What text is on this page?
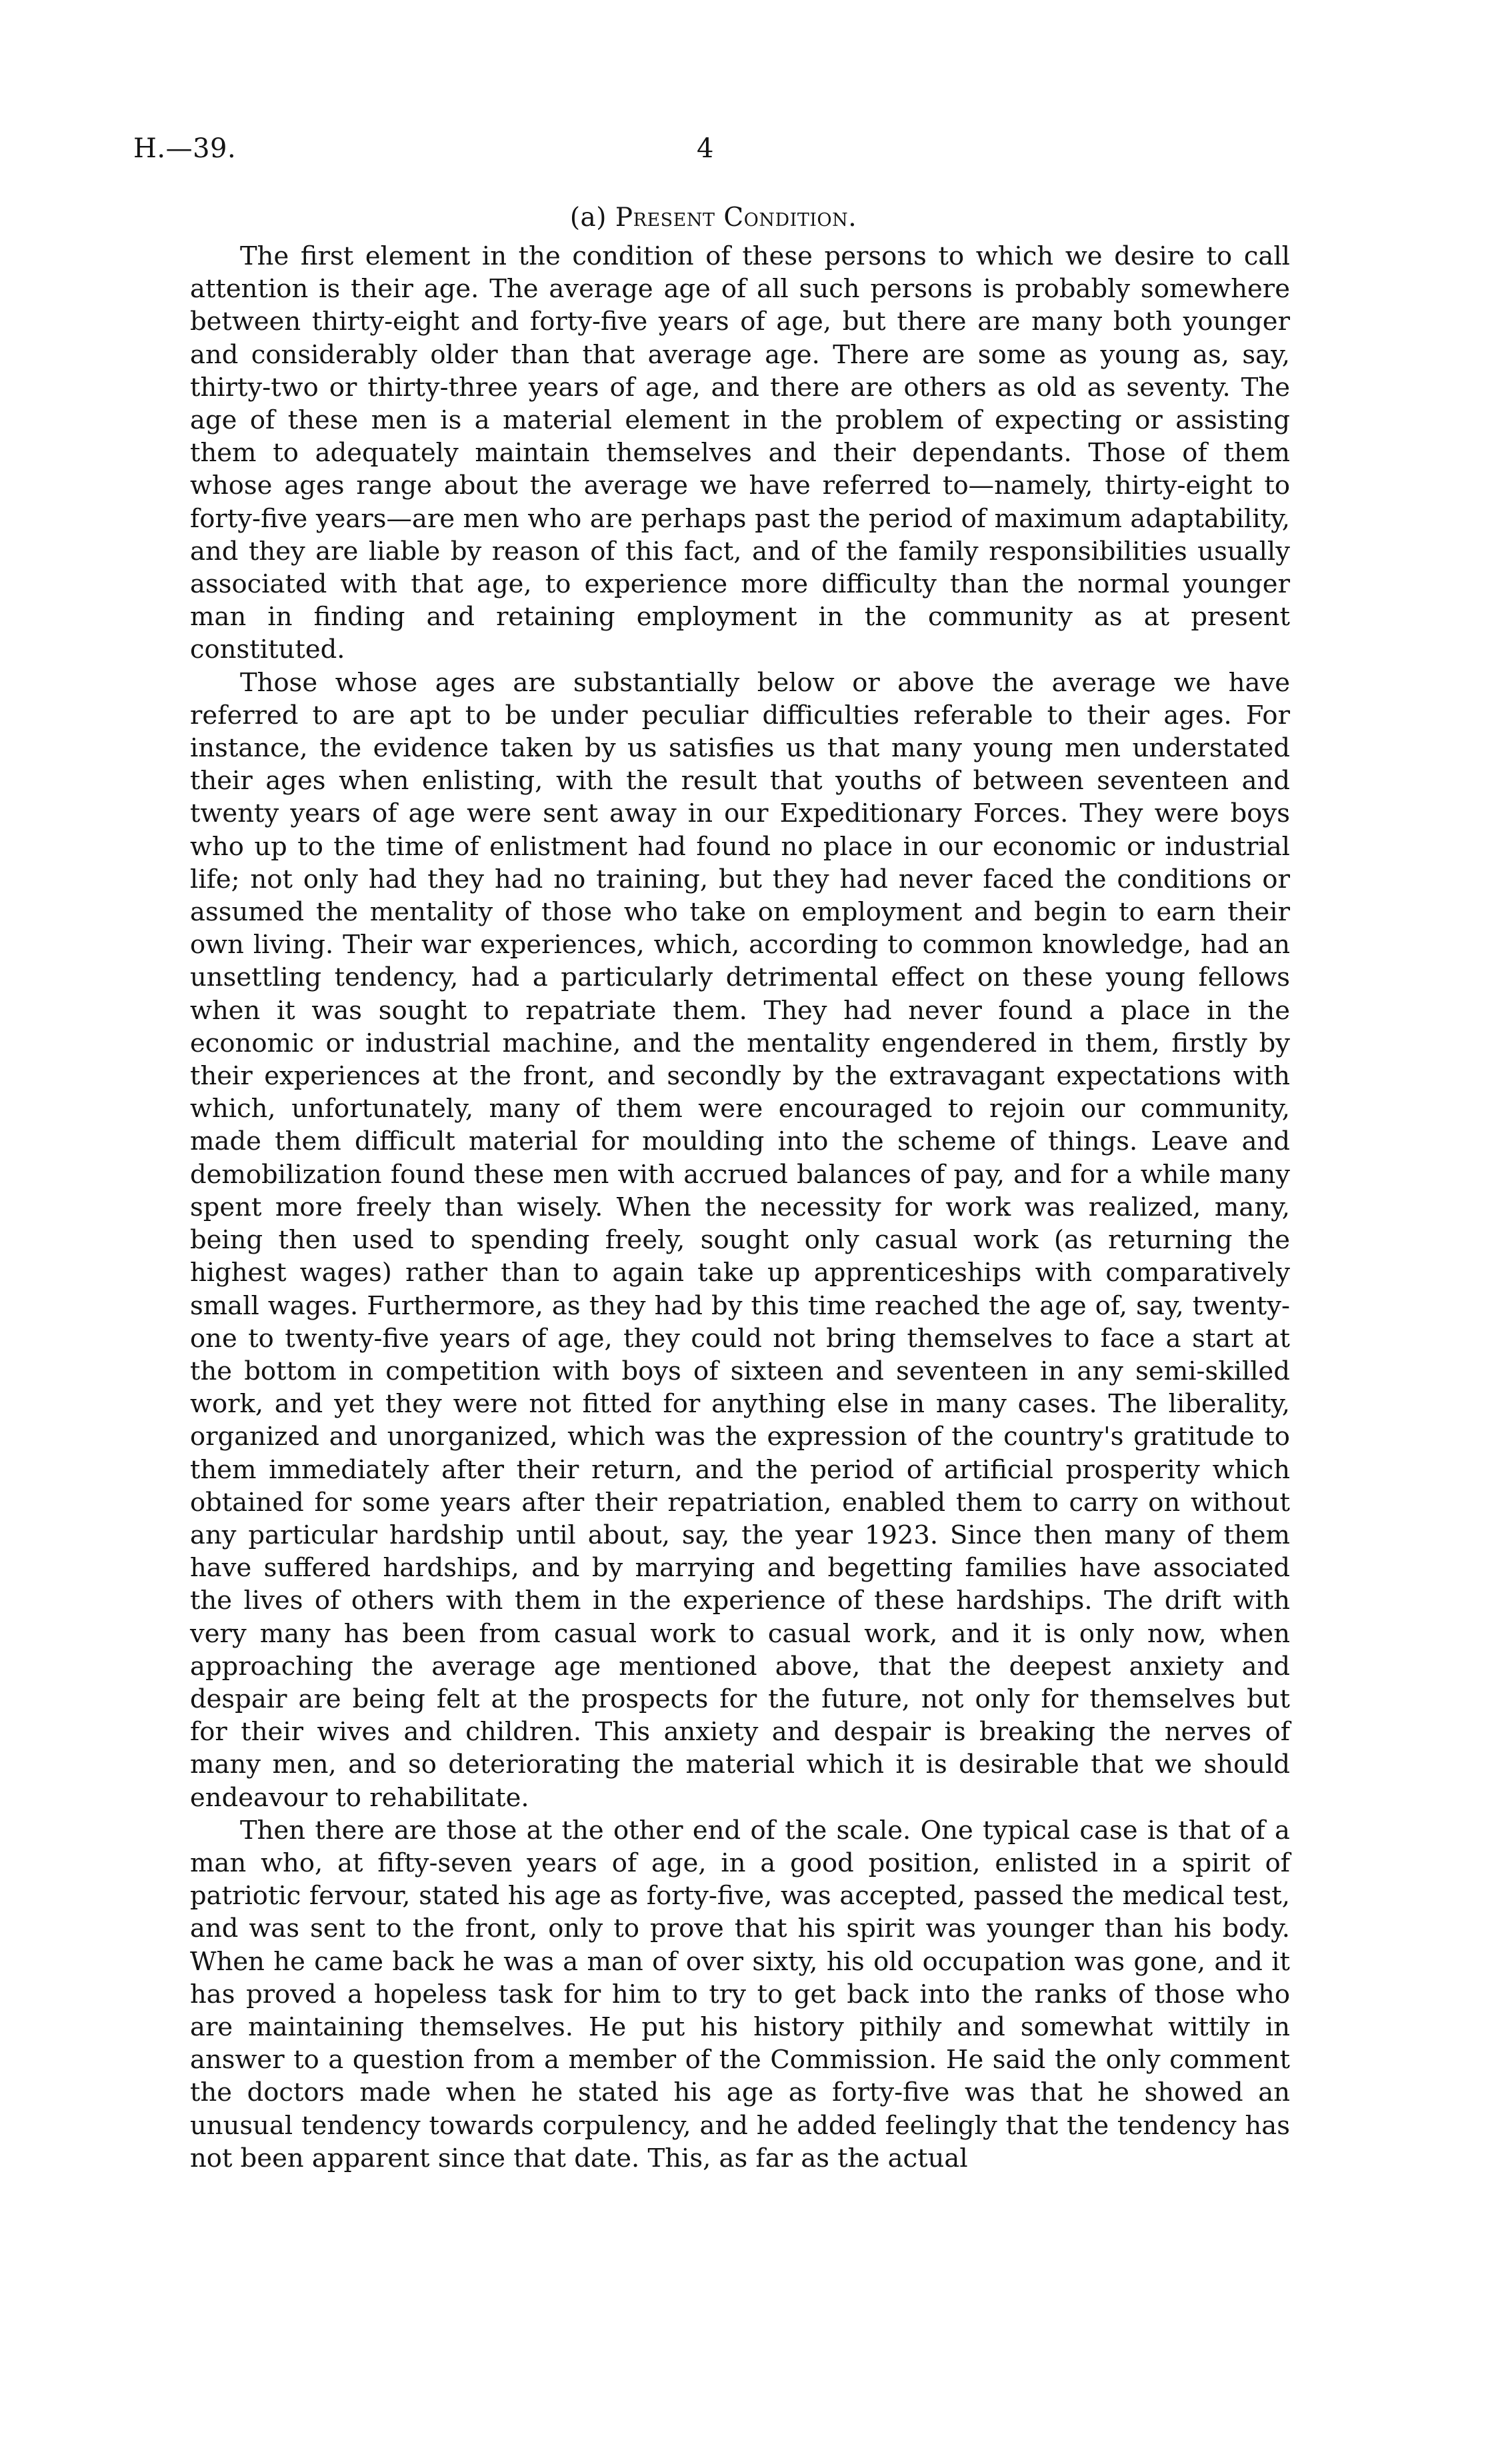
H.—39.	4
(a) Present Condition.

The first element in the condition of these persons to which we desire to call attention is their age. The average age of all such persons is probably somewhere between thirty-eight and forty-five years of age, but there are many both younger and considerably older than that average age. There are some as young as, say, thirty-two or thirty-three years of age, and there are others as old as seventy. The age of these men is a material element in the problem of expecting or assisting them to adequately maintain themselves and their dependants. Those of them whose ages range about the average we have referred to—namely, thirty-eight to forty-five years—are men who are perhaps past the period of maximum adaptability, and they are liable by reason of this fact, and of the family responsibilities usually associated with that age, to experience more difficulty than the normal younger man in finding and retaining employment in the community as at present constituted.

Those whose ages are substantially below or above the average we have referred to are apt to be under peculiar difficulties referable to their ages. For instance, the evidence taken by us satisfies us that many young men understated their ages when enlisting, with the result that youths of between seventeen and twenty years of age were sent away in our Expeditionary Forces. They were boys who up to the time of enlistment had found no place in our economic or industrial life; not only had they had no training, but they had never faced the conditions or assumed the mentality of those who take on employment and begin to earn their own living. Their war experiences, which, according to common knowledge, had an unsettling tendency, had a particularly detrimental effect on these young fellows when it was sought to repatriate them. They had never found a place in the economic or industrial machine, and the mentality engendered in them, firstly by their experiences at the front, and secondly by the extravagant expectations with which, unfortunately, many of them were encouraged to rejoin our community, made them difficult material for moulding into the scheme of things. Leave and demobilization found these men with accrued balances of pay, and for a while many spent more freely than wisely. When the necessity for work was realized, many, being then used to spending freely, sought only casual work (as returning the highest wages) rather than to again take up apprenticeships with comparatively small wages. Furthermore, as they had by this time reached the age of, say, twenty-one to twenty-five years of age, they could not bring themselves to face a start at the bottom in competition with boys of sixteen and seventeen in any semi-skilled work, and yet they were not fitted for anything else in many cases. The liberality, organized and unorganized, which was the expression of the country's gratitude to them immediately after their return, and the period of artificial prosperity which obtained for some years after their repatriation, enabled them to carry on without any particular hardship until about, say, the year 1923. Since then many of them have suffered hardships, and by marrying and begetting families have associated the lives of others with them in the experience of these hardships. The drift with very many has been from casual work to casual work, and it is only now, when approaching the average age mentioned above, that the deepest anxiety and despair are being felt at the prospects for the future, not only for themselves but for their wives and children. This anxiety and despair is breaking the nerves of many men, and so deteriorating the material which it is desirable that we should endeavour to rehabilitate.

Then there are those at the other end of the scale. One typical case is that of a man who, at fifty-seven years of age, in a good position, enlisted in a spirit of patriotic fervour, stated his age as forty-five, was accepted, passed the medical test, and was sent to the front, only to prove that his spirit was younger than his body. When he came back he was a man of over sixty, his old occupation was gone, and it has proved a hopeless task for him to try to get back into the ranks of those who are maintaining themselves. He put his history pithily and somewhat wittily in answer to a question from a member of the Commission. He said the only comment the doctors made when he stated his age as forty-five was that he showed an unusual tendency towards corpulency, and he added feelingly that the tendency has not been apparent since that date. This, as far as the actual
